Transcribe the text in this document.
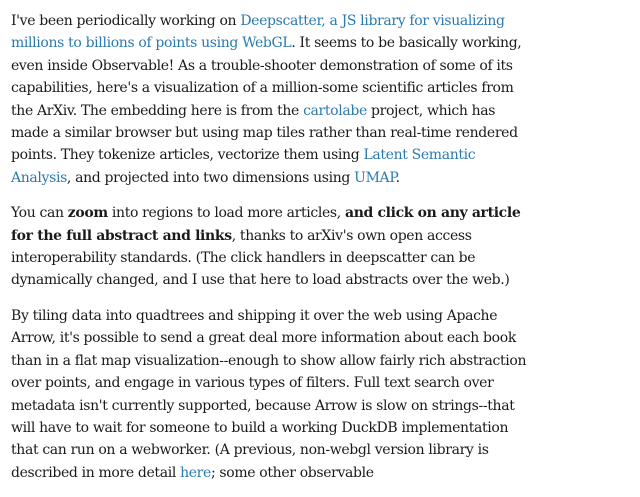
I've been periodically working on Deepscatter, a JS library for visualizing millions to billions of points using WebGL. It seems to be basically working, even inside Observable! As a trouble-shooter demonstration of some of its capabilities, here's a visualization of a million-some scientific articles from the ArXiv. The embedding here is from the cartolabe project, which has made a similar browser but using map tiles rather than real-time rendered points. They tokenize articles, vectorize them using Latent Semantic Analysis, and projected into two dimensions using UMAP.

You can zoom into regions to load more articles, and click on any article for the full abstract and links, thanks to arXiv's own open access interoperability standards. (The click handlers in deepscatter can be dynamically changed, and I use that here to load abstracts over the web.)

By tiling data into quadtrees and shipping it over the web using Apache Arrow, it's possible to send a great deal more information about each book than in a flat map visualization--enough to show allow fairly rich abstraction over points, and engage in various types of filters. Full text search over metadata isn't currently supported, because Arrow is slow on strings--that will have to wait for someone to build a working DuckDB implementation that can run on a webworker. (A previous, non-webgl version library is described in more detail here; some other observable
